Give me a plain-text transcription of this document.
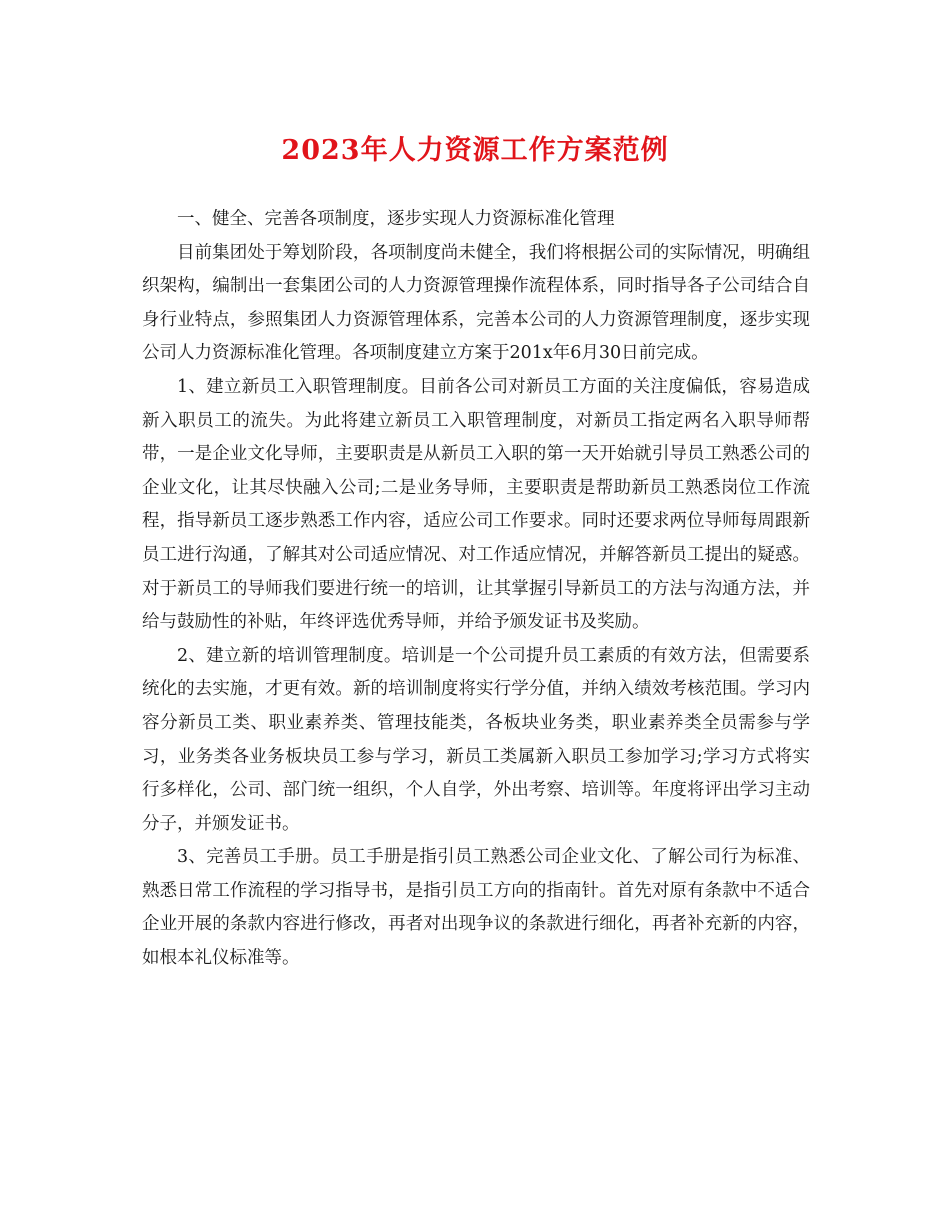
2023年人力资源工作方案范例

一、健全、完善各项制度，逐步实现人力资源标准化管理

目前集团处于筹划阶段，各项制度尚未健全，我们将根据公司的实际情况，明确组织架构，编制出一套集团公司的人力资源管理操作流程体系，同时指导各子公司结合自身行业特点，参照集团人力资源管理体系，完善本公司的人力资源管理制度，逐步实现公司人力资源标准化管理。各项制度建立方案于201x年6月30日前完成。

1、建立新员工入职管理制度。目前各公司对新员工方面的关注度偏低，容易造成新入职员工的流失。为此将建立新员工入职管理制度，对新员工指定两名入职导师帮带，一是企业文化导师，主要职责是从新员工入职的第一天开始就引导员工熟悉公司的企业文化，让其尽快融入公司;二是业务导师，主要职责是帮助新员工熟悉岗位工作流程，指导新员工逐步熟悉工作内容，适应公司工作要求。同时还要求两位导师每周跟新员工进行沟通，了解其对公司适应情况、对工作适应情况，并解答新员工提出的疑惑。对于新员工的导师我们要进行统一的培训，让其掌握引导新员工的方法与沟通方法，并给与鼓励性的补贴，年终评选优秀导师，并给予颁发证书及奖励。

2、建立新的培训管理制度。培训是一个公司提升员工素质的有效方法，但需要系统化的去实施，才更有效。新的培训制度将实行学分值，并纳入绩效考核范围。学习内容分新员工类、职业素养类、管理技能类，各板块业务类，职业素养类全员需参与学习，业务类各业务板块员工参与学习，新员工类属新入职员工参加学习;学习方式将实行多样化，公司、部门统一组织，个人自学，外出考察、培训等。年度将评出学习主动分子，并颁发证书。

3、完善员工手册。员工手册是指引员工熟悉公司企业文化、了解公司行为标准、熟悉日常工作流程的学习指导书，是指引员工方向的指南针。首先对原有条款中不适合企业开展的条款内容进行修改，再者对出现争议的条款进行细化，再者补充新的内容，如根本礼仪标准等。
